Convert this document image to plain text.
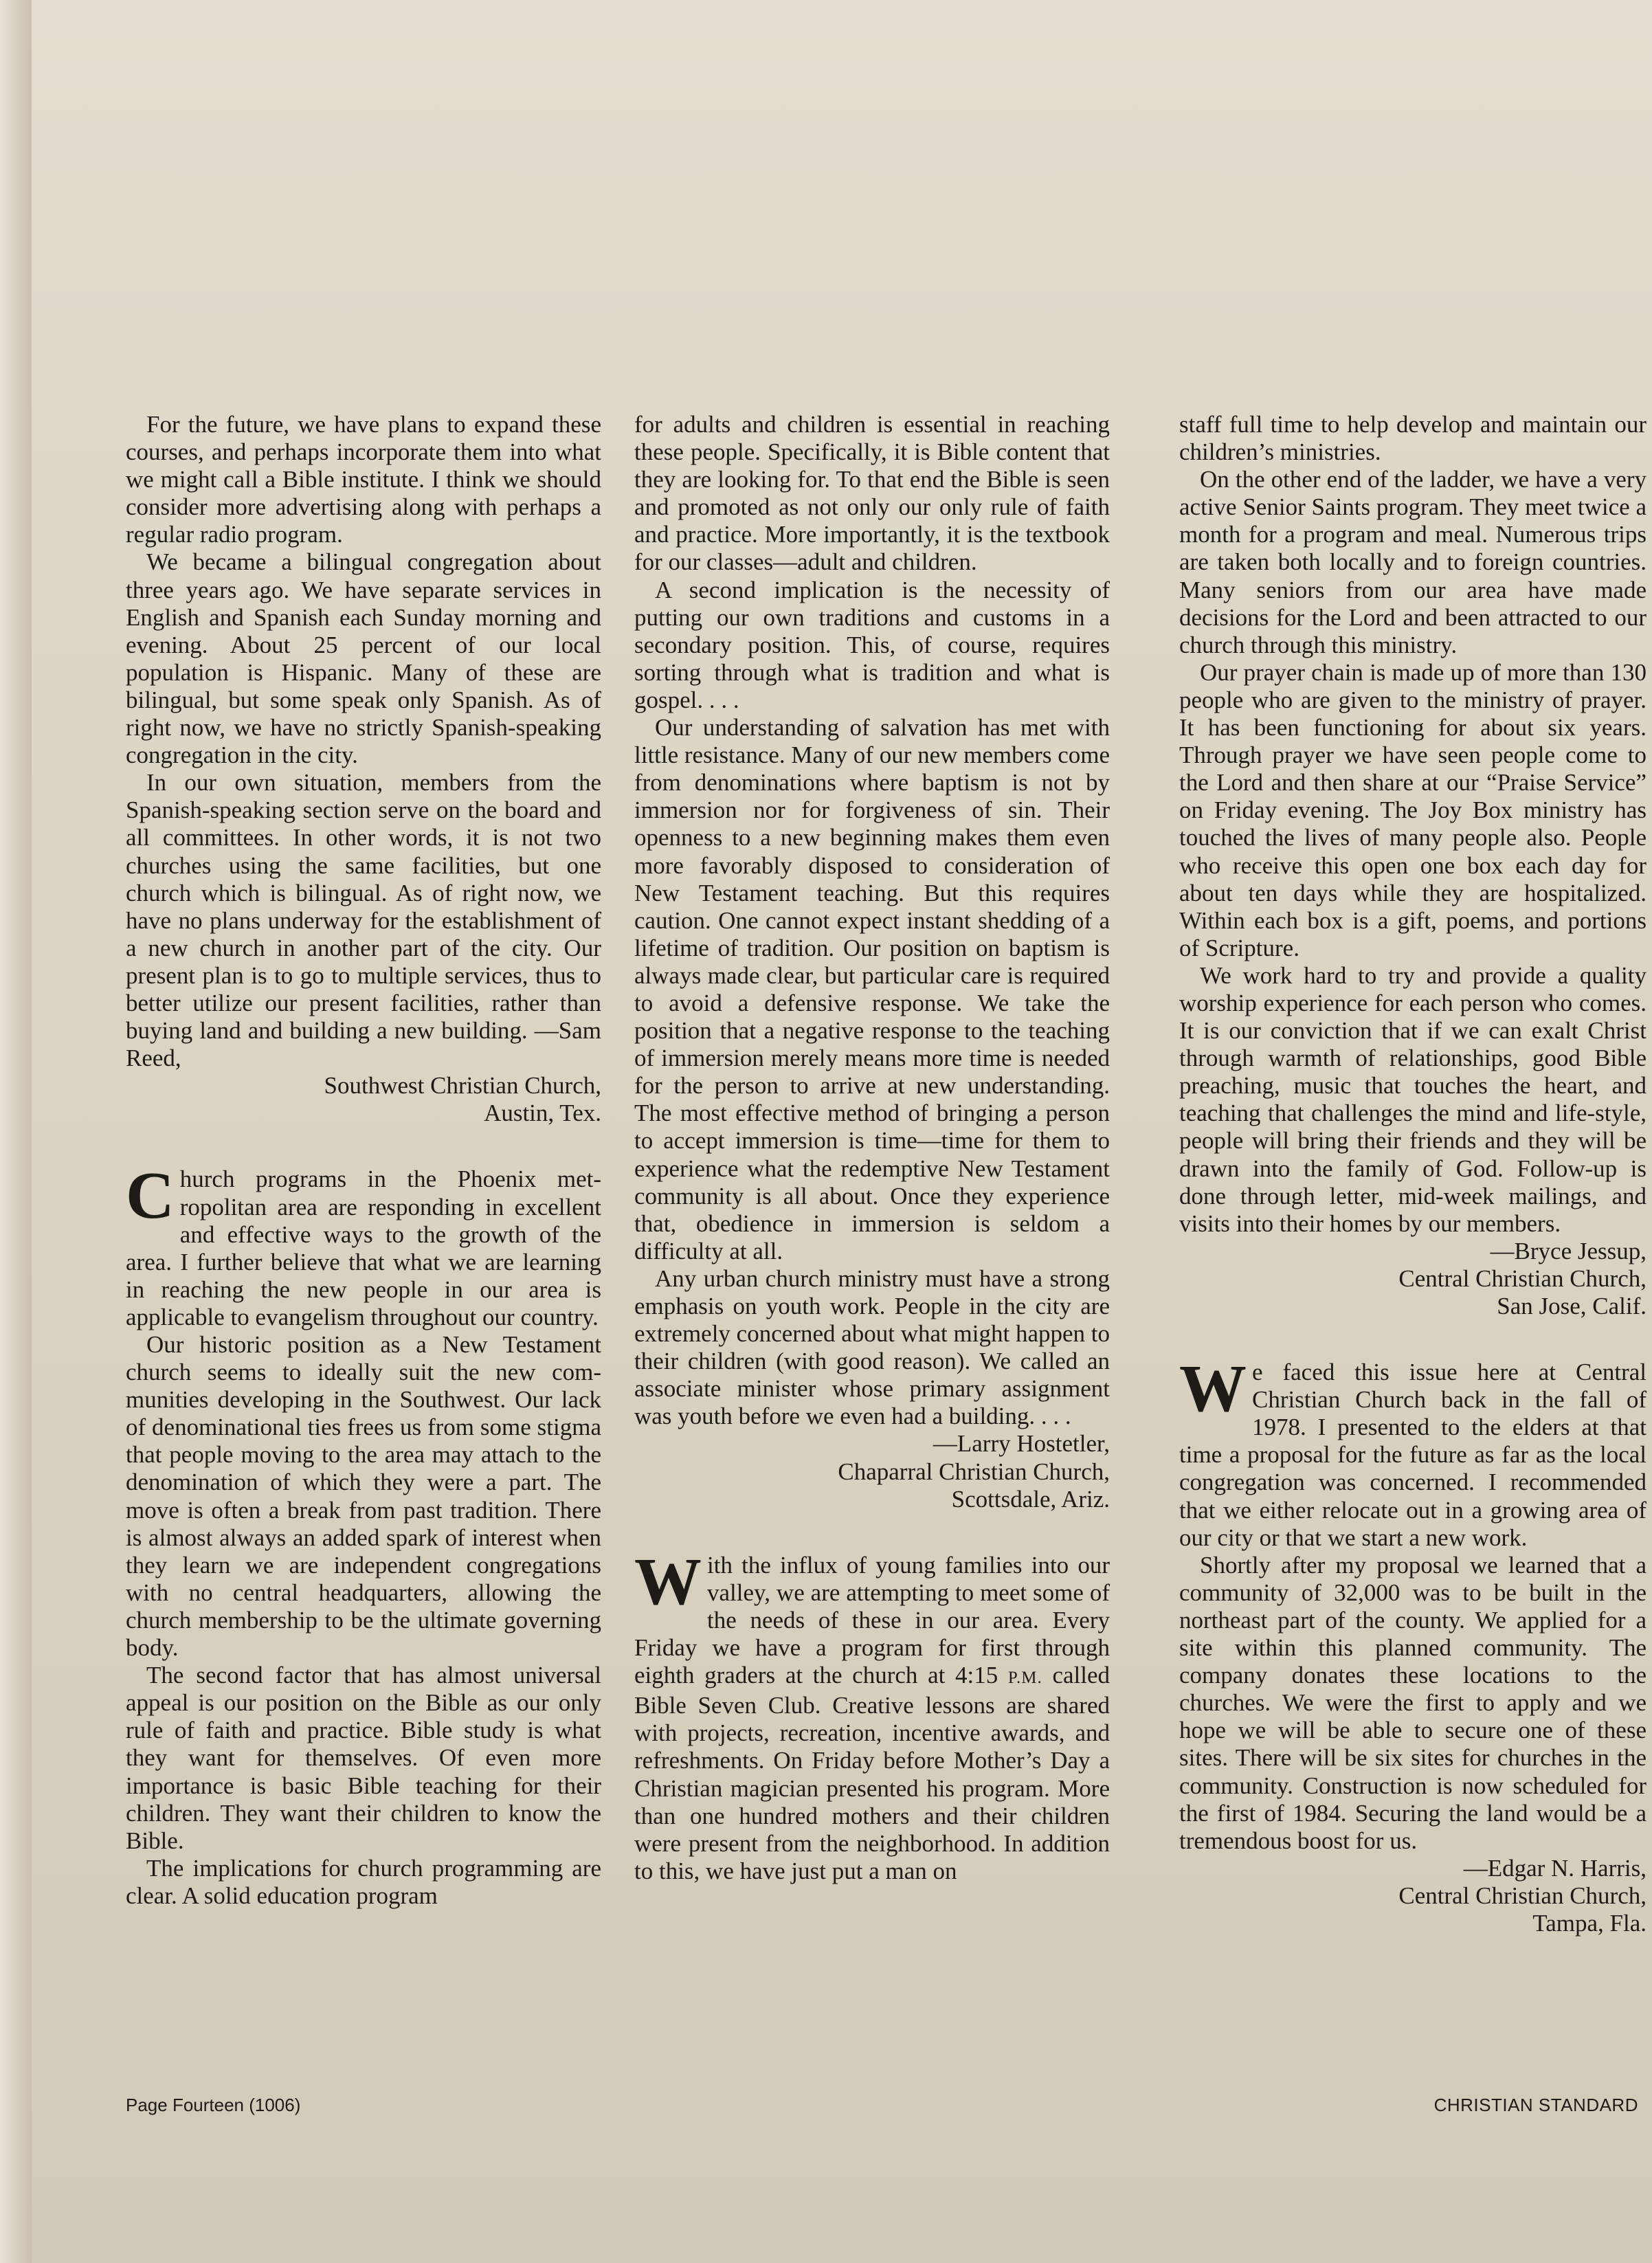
For the future, we have plans to expand these courses, and perhaps incorporate them into what we might call a Bible institute. I think we should consider more advertising along with perhaps a regular radio program.

We became a bilingual congregation about three years ago. We have separate services in English and Spanish each Sunday morning and evening. About 25 percent of our local population is Hispanic. Many of these are bilingual, but some speak only Spanish. As of right now, we have no strictly Spanish-speaking congregation in the city.

In our own situation, members from the Spanish-speaking section serve on the board and all committees. In other words, it is not two churches using the same facilities, but one church which is bilingual. As of right now, we have no plans underway for the establishment of a new church in another part of the city. Our present plan is to go to multiple services, thus to better utilize our present facilities, rather than buying land and building a new building. —Sam Reed,

Southwest Christian Church,

Austin, Tex.

Church programs in the Phoenix metropolitan area are responding in excellent and effective ways to the growth of the area. I further believe that what we are learning in reaching the new people in our area is applicable to evangelism throughout our country.

Our historic position as a New Testament church seems to ideally suit the new communities developing in the Southwest. Our lack of denominational ties frees us from some stigma that people moving to the area may attach to the denomination of which they were a part. The move is often a break from past tradition. There is almost always an added spark of interest when they learn we are independent congregations with no central headquarters, allowing the church membership to be the ultimate governing body.

The second factor that has almost universal appeal is our position on the Bible as our only rule of faith and practice. Bible study is what they want for themselves. Of even more importance is basic Bible teaching for their children. They want their children to know the Bible.

The implications for church programming are clear. A solid education program

for adults and children is essential in reaching these people. Specifically, it is Bible content that they are looking for. To that end the Bible is seen and promoted as not only our only rule of faith and practice. More importantly, it is the textbook for our classes—adult and children.

A second implication is the necessity of putting our own traditions and customs in a secondary position. This, of course, requires sorting through what is tradition and what is gospel. . . .

Our understanding of salvation has met with little resistance. Many of our new members come from denominations where baptism is not by immersion nor for forgiveness of sin. Their openness to a new beginning makes them even more favorably disposed to consideration of New Testament teaching. But this requires caution. One cannot expect instant shedding of a lifetime of tradition. Our position on baptism is always made clear, but particular care is required to avoid a defensive response. We take the position that a negative response to the teaching of immersion merely means more time is needed for the person to arrive at new understanding. The most effective method of bringing a person to accept immersion is time—time for them to experience what the redemptive New Testament community is all about. Once they experience that, obedience in immersion is seldom a difficulty at all.

Any urban church ministry must have a strong emphasis on youth work. People in the city are extremely concerned about what might happen to their children (with good reason). We called an associate minister whose primary assignment was youth before we even had a building. . . .

—Larry Hostetler,

Chaparral Christian Church,

Scottsdale, Ariz.

With the influx of young families into our valley, we are attempting to meet some of the needs of these in our area. Every Friday we have a program for first through eighth graders at the church at 4:15 P.M. called Bible Seven Club. Creative lessons are shared with projects, recreation, incentive awards, and refreshments. On Friday before Mother’s Day a Christian magician presented his program. More than one hundred mothers and their children were present from the neighborhood. In addition to this, we have just put a man on

staff full time to help develop and maintain our children’s ministries.

On the other end of the ladder, we have a very active Senior Saints program. They meet twice a month for a program and meal. Numerous trips are taken both locally and to foreign countries. Many seniors from our area have made decisions for the Lord and been attracted to our church through this ministry.

Our prayer chain is made up of more than 130 people who are given to the ministry of prayer. It has been functioning for about six years. Through prayer we have seen people come to the Lord and then share at our “Praise Service” on Friday evening. The Joy Box ministry has touched the lives of many people also. People who receive this open one box each day for about ten days while they are hospitalized. Within each box is a gift, poems, and portions of Scripture.

We work hard to try and provide a quality worship experience for each person who comes. It is our conviction that if we can exalt Christ through warmth of relationships, good Bible preaching, music that touches the heart, and teaching that challenges the mind and life-style, people will bring their friends and they will be drawn into the family of God. Follow-up is done through letter, mid-week mailings, and visits into their homes by our members.

—Bryce Jessup,

Central Christian Church,

San Jose, Calif.

We faced this issue here at Central Christian Church back in the fall of 1978. I presented to the elders at that time a proposal for the future as far as the local congregation was concerned. I recommended that we either relocate out in a growing area of our city or that we start a new work.

Shortly after my proposal we learned that a community of 32,000 was to be built in the northeast part of the county. We applied for a site within this planned community. The company donates these locations to the churches. We were the first to apply and we hope we will be able to secure one of these sites. There will be six sites for churches in the community. Construction is now scheduled for the first of 1984. Securing the land would be a tremendous boost for us.

—Edgar N. Harris,

Central Christian Church,

Tampa, Fla.

Page Fourteen (1006)	CHRISTIAN STANDARD
